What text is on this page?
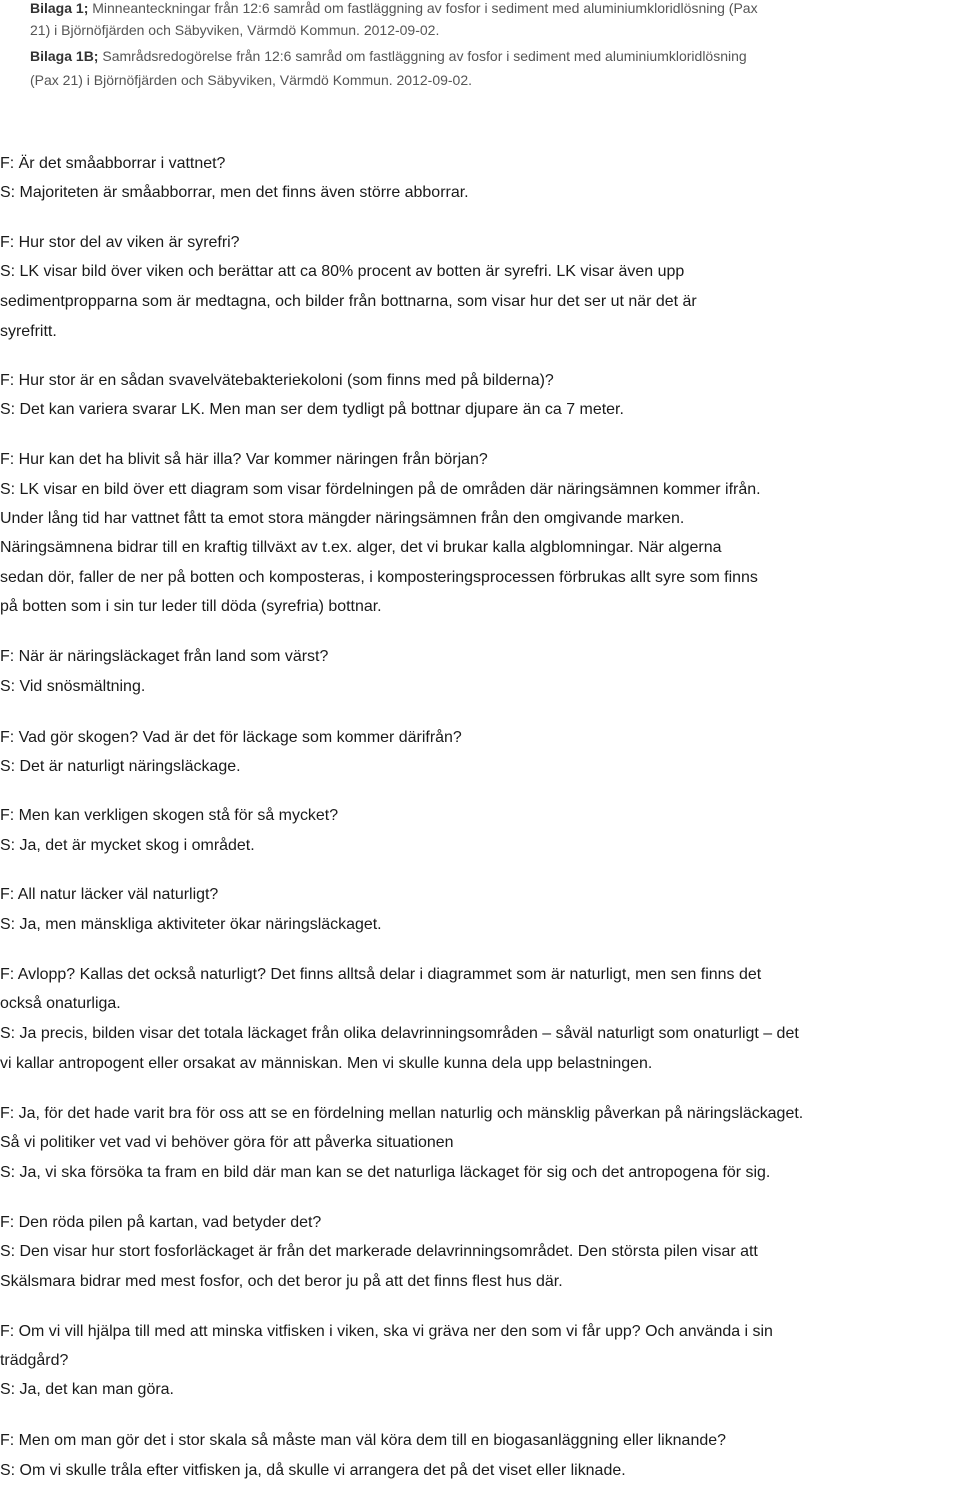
Bilaga 1; Minneanteckningar från 12:6 samråd om fastläggning av fosfor i sediment med aluminiumkloridlösning (Pax
21) i Björnöfjärden och Säbyviken, Värmdö Kommun. 2012-09-02.
Bilaga 1B; Samrådsredogörelse från 12:6 samråd om fastläggning av fosfor i sediment med aluminiumkloridlösning
(Pax 21) i Björnöfjärden och Säbyviken, Värmdö Kommun. 2012-09-02.
F: Är det småabborrar i vattnet?
S: Majoriteten är småabborrar, men det finns även större abborrar.
F: Hur stor del av viken är syrefri?
S: LK visar bild över viken och berättar att ca 80% procent av botten är syrefri. LK visar även upp
sedimentpropparna som är medtagna, och bilder från bottnarna, som visar hur det ser ut när det är
syrefritt.
F: Hur stor är en sådan svavelvätebakteriekoloni (som finns med på bilderna)?
S: Det kan variera svarar LK. Men man ser dem tydligt på bottnar djupare än ca 7 meter.
F: Hur kan det ha blivit så här illa? Var kommer näringen från början?
S: LK visar en bild över ett diagram som visar fördelningen på de områden där näringsämnen kommer ifrån.
Under lång tid har vattnet fått ta emot stora mängder näringsämnen från den omgivande marken.
Näringsämnena bidrar till en kraftig tillväxt av t.ex. alger, det vi brukar kalla algblomningar. När algerna
sedan dör, faller de ner på botten och komposteras, i komposteringsprocessen förbrukas allt syre som finns
på botten som i sin tur leder till döda (syrefria) bottnar.
F: När är näringsläckaget från land som värst?
S: Vid snösmältning.
F: Vad gör skogen? Vad är det för läckage som kommer därifrån?
S: Det är naturligt näringsläckage.
F: Men kan verkligen skogen stå för så mycket?
S: Ja, det är mycket skog i området.
F: All natur läcker väl naturligt?
S: Ja, men mänskliga aktiviteter ökar näringsläckaget.
F: Avlopp? Kallas det också naturligt? Det finns alltså delar i diagrammet som är naturligt, men sen finns det
också onaturliga.
S: Ja precis, bilden visar det totala läckaget från olika delavrinningsområden – såväl naturligt som onaturligt – det
vi kallar antropogent eller orsakat av människan. Men vi skulle kunna dela upp belastningen.
F: Ja, för det hade varit bra för oss att se en fördelning mellan naturlig och mänsklig påverkan på näringsläckaget.
Så vi politiker vet vad vi behöver göra för att påverka situationen
S: Ja, vi ska försöka ta fram en bild där man kan se det naturliga läckaget för sig och det antropogena för sig.
F: Den röda pilen på kartan, vad betyder det?
S: Den visar hur stort fosforläckaget är från det markerade delavrinningsområdet. Den största pilen visar att
Skälsmara bidrar med mest fosfor, och det beror ju på att det finns flest hus där.
F: Om vi vill hjälpa till med att minska vitfisken i viken, ska vi gräva ner den som vi får upp? Och använda i sin
trädgård?
S: Ja, det kan man göra.
F: Men om man gör det i stor skala så måste man väl köra dem till en biogasanläggning eller liknande?
S: Om vi skulle tråla efter vitfisken ja, då skulle vi arrangera det på det viset eller liknade.
